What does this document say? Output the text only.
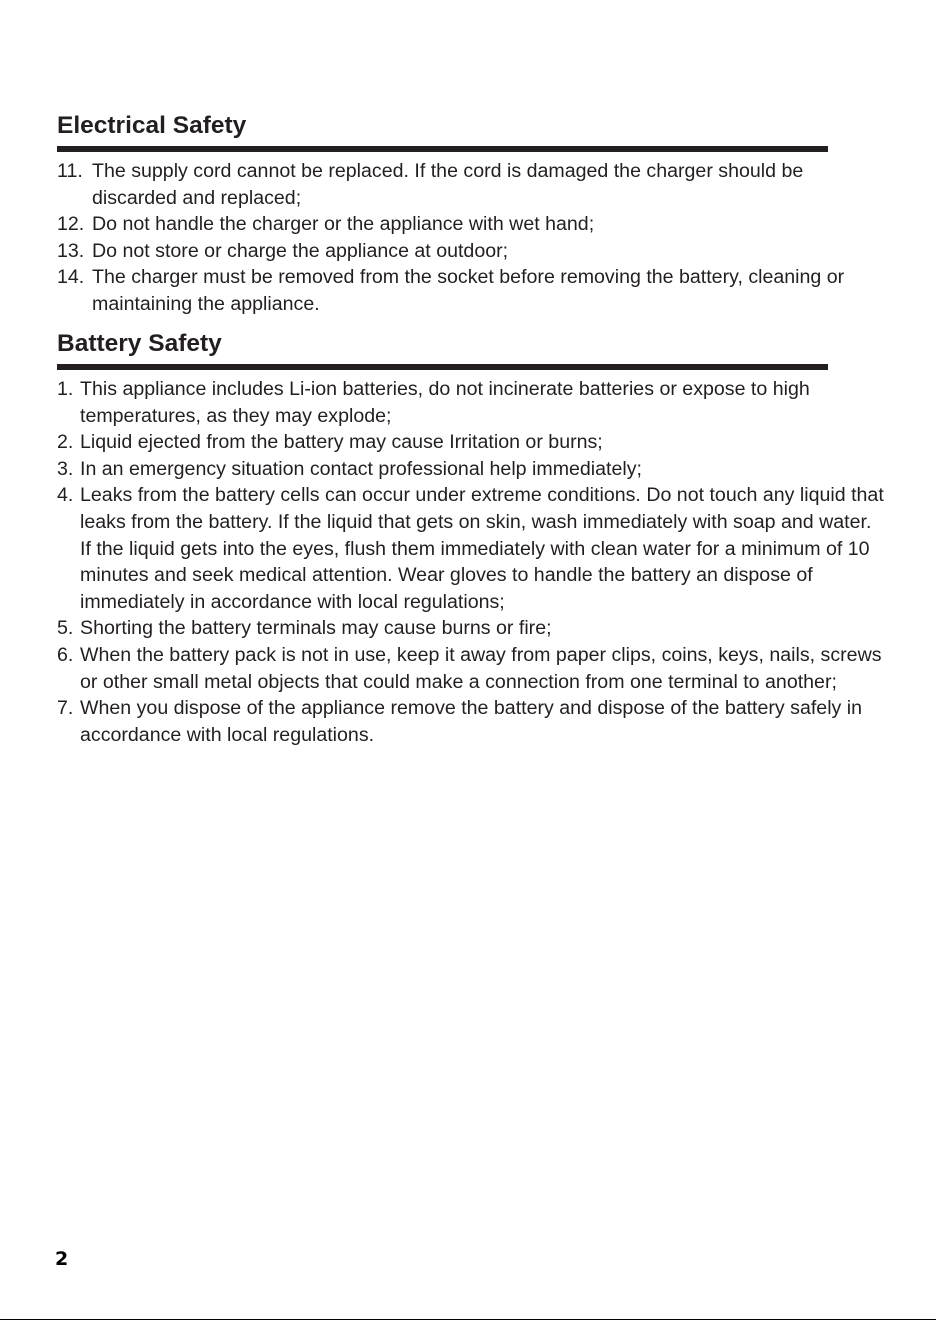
Electrical Safety
11. The supply cord cannot be replaced. If the cord is damaged the charger should be discarded and replaced;
12. Do not handle the charger or the appliance with wet hand;
13. Do not store or charge the appliance at outdoor;
14. The charger must be removed from the socket before removing the battery, cleaning or maintaining the appliance.
Battery Safety
1. This appliance includes Li-ion batteries, do not incinerate batteries or expose to high temperatures, as they may explode;
2. Liquid ejected from the battery may cause Irritation or burns;
3. In an emergency situation contact professional help immediately;
4. Leaks from the battery cells can occur under extreme conditions. Do not touch any liquid that leaks from the battery. If the liquid that gets on skin, wash immediately with soap and water. If the liquid gets into the eyes, flush them immediately with clean water for a minimum of 10 minutes and seek medical attention. Wear gloves to handle the battery an dispose of immediately in accordance with local regulations;
5. Shorting the battery terminals may cause burns or fire;
6. When the battery pack is not in use, keep it away from paper clips, coins, keys, nails, screws or other small metal objects that could make a connection from one terminal to another;
7. When you dispose of the appliance remove the battery and dispose of the battery safely in accordance with local regulations.
2
